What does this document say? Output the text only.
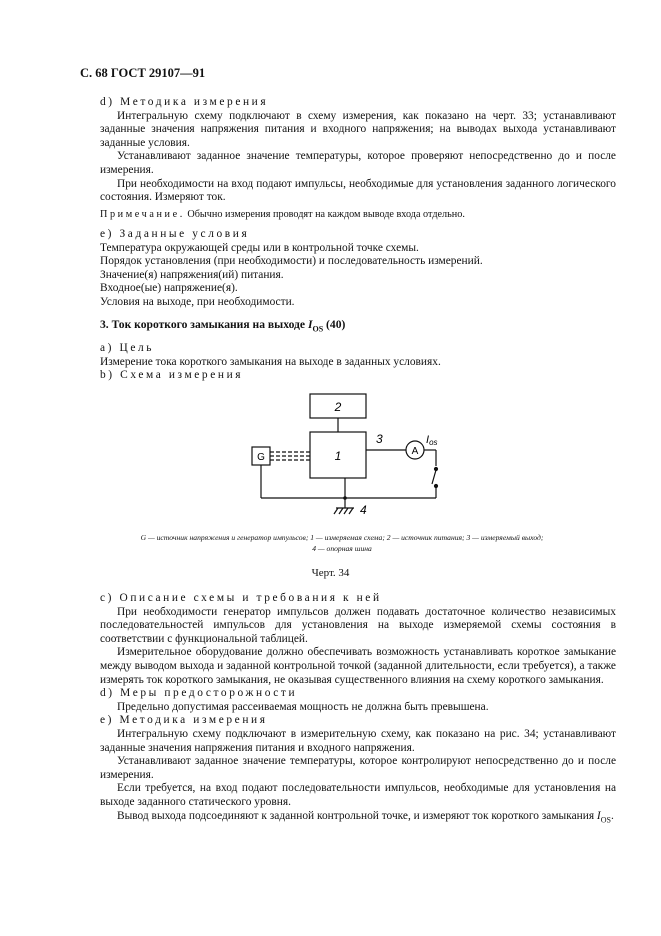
С. 68 ГОСТ 29107—91

d) Методика измерения

Интегральную схему подключают в схему измерения, как показано на черт. 33; устанавливают заданные значения напряжения питания и входного напряжения; на выводах выхода устанавливают заданные условия.

Устанавливают заданное значение температуры, которое проверяют непосредственно до и после измерения.

При необходимости на вход подают импульсы, необходимые для установления заданного логического состояния. Измеряют ток.

Примечание. Обычно измерения проводят на каждом выводе входа отдельно.

e) Заданные условия

Температура окружающей среды или в контрольной точке схемы.

Порядок установления (при необходимости) и последовательность измерений.

Значение(я) напряжения(ий) питания.

Входное(ые) напряжение(я).

Условия на выходе, при необходимости.

3. Ток короткого замыкания на выходе $I_{OS}$ (40)

a) Цель

Измерение тока короткого замыкания на выходе в заданных условиях.

b) Схема измерения

2
1
G
A
3	Ios
4
G — источник напряжения и генератор импульсов; 1 — измеряемая схема; 2 — источник питания; 3 — измеряемый выход;
4 — опорная шина
Черт. 34

c) Описание схемы и требования к ней

При необходимости генератор импульсов должен подавать достаточное количество независимых последовательностей импульсов для установления на выходе измеряемой схемы состояния в соответствии с функциональной таблицей.

Измерительное оборудование должно обеспечивать возможность устанавливать короткое замыкание между выводом выхода и заданной контрольной точкой (заданной длительности, если требуется), а также измерять ток короткого замыкания, не оказывая существенного влияния на схему короткого замыкания.

d) Меры предосторожности

Предельно допустимая рассеиваемая мощность не должна быть превышена.

e) Методика измерения

Интегральную схему подключают в измерительную схему, как показано на рис. 34; устанавливают заданные значения напряжения питания и входного напряжения.

Устанавливают заданное значение температуры, которое контролируют непосредственно до и после измерения.

Если требуется, на вход подают последовательности импульсов, необходимые для установления на выходе заданного статического уровня.

Вывод выхода подсоединяют к заданной контрольной точке, и измеряют ток короткого замыкания $I_{OS}$.
